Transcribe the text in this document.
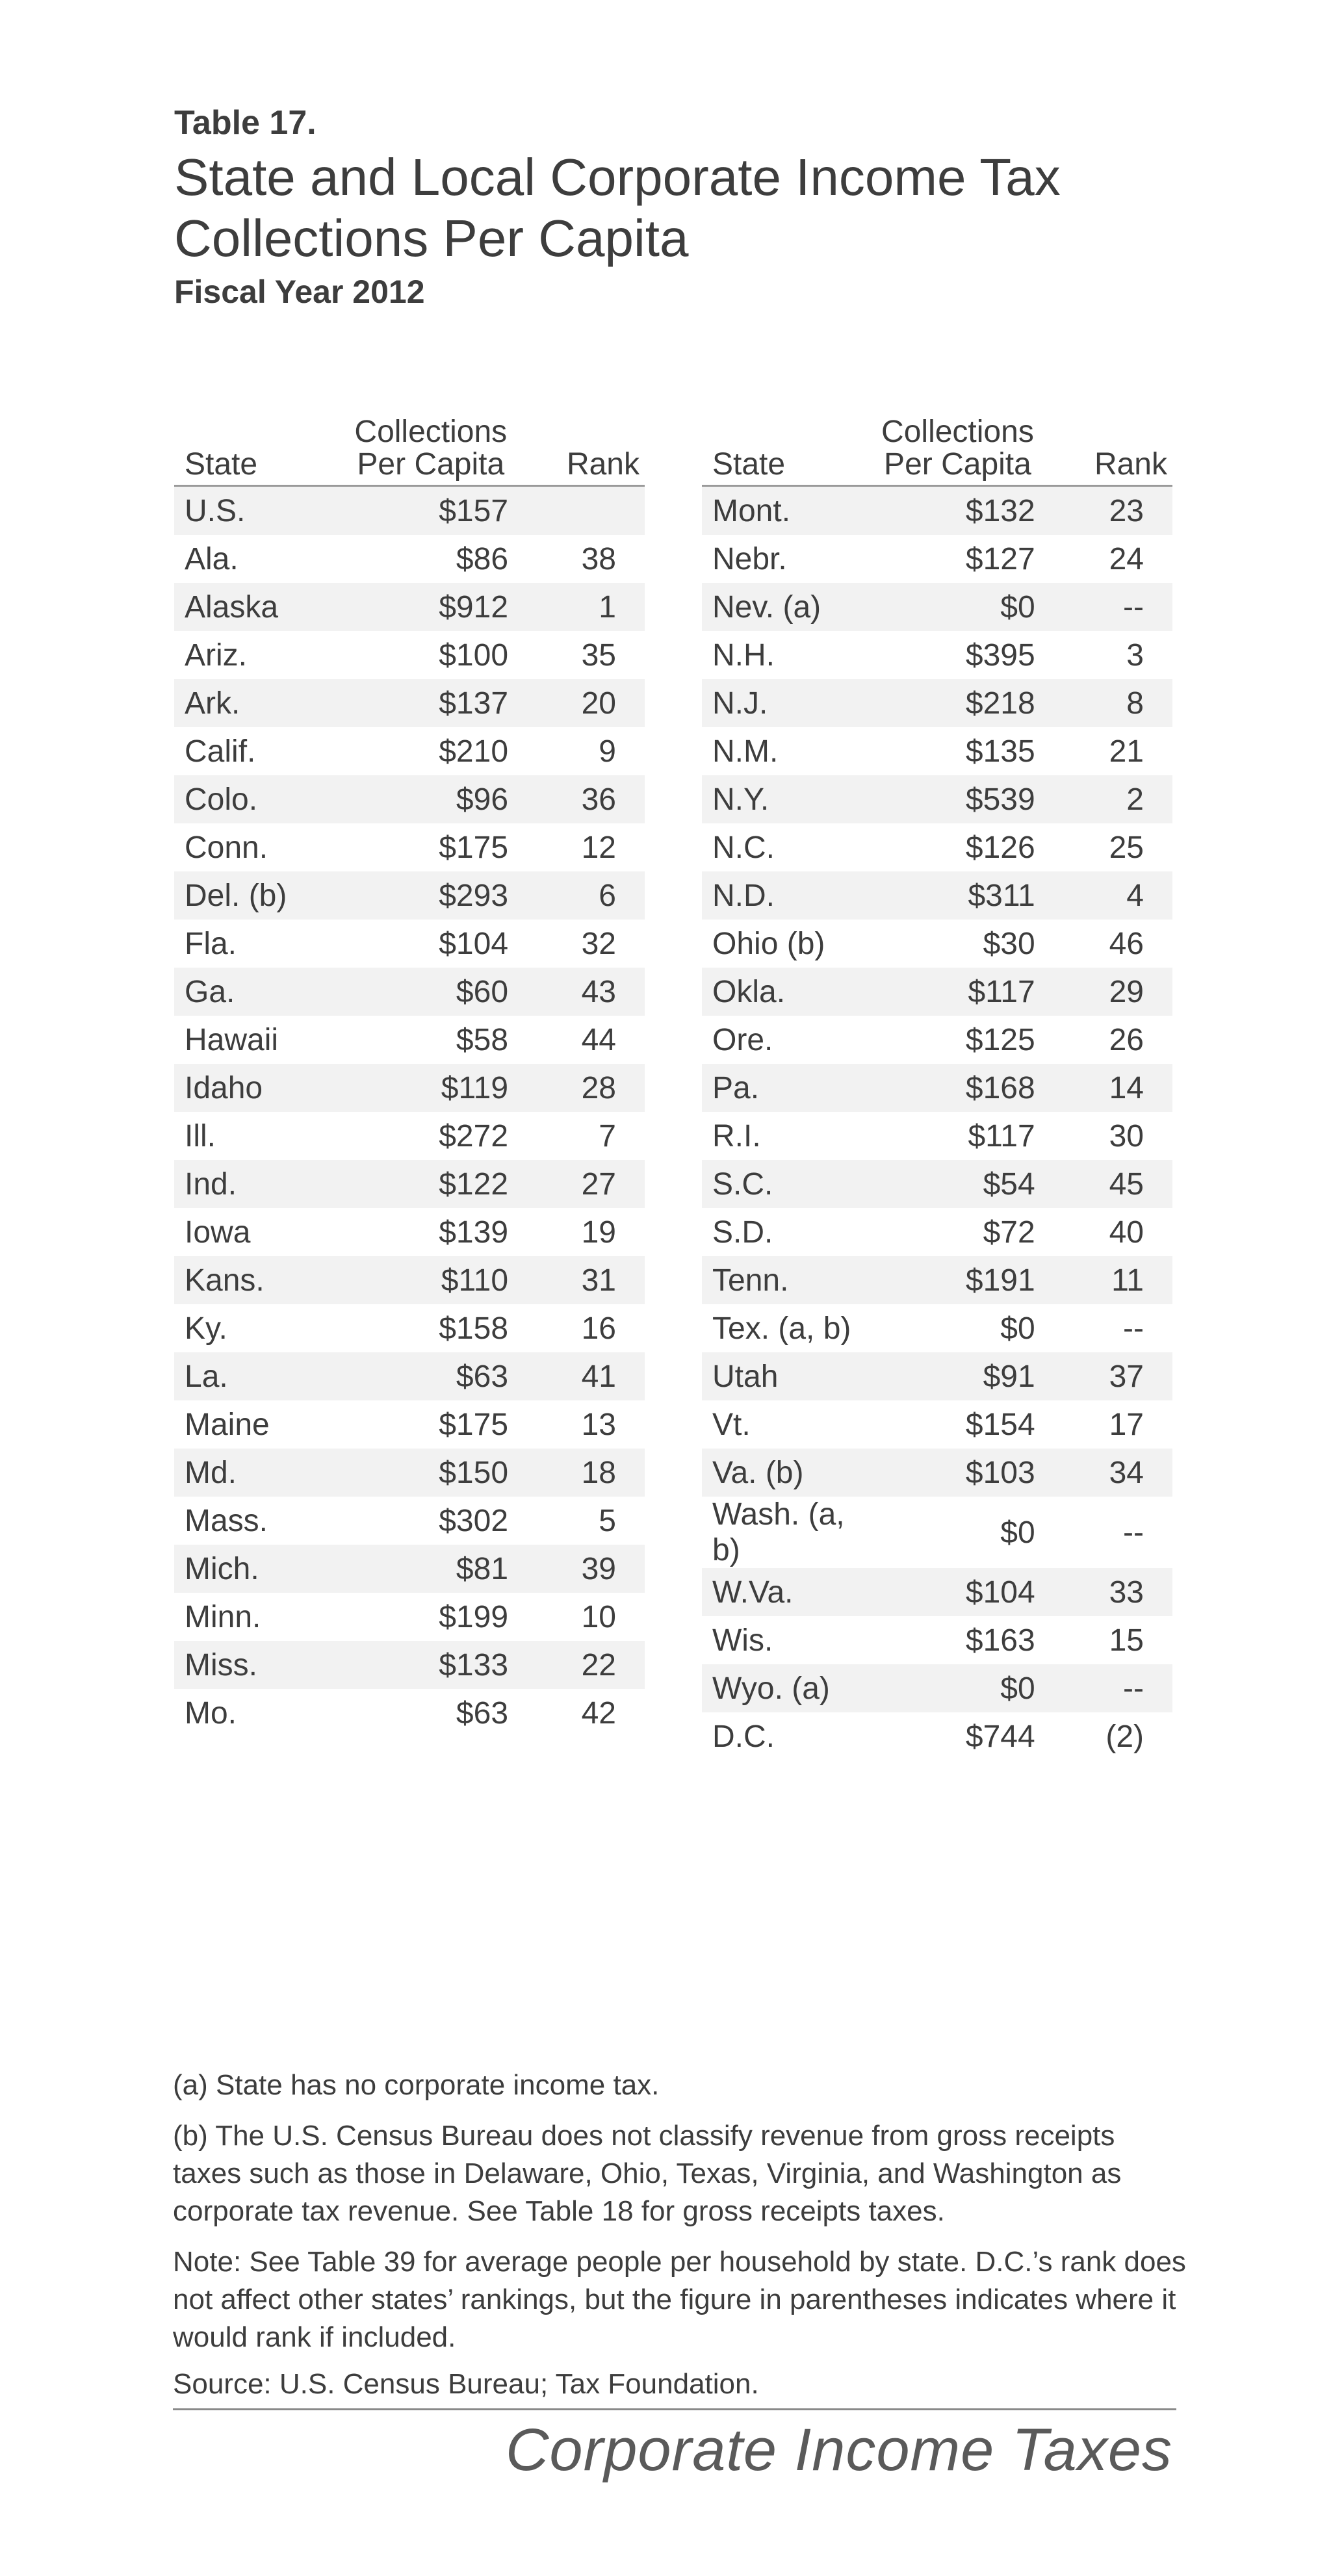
Table 17.
State and Local Corporate Income Tax Collections Per Capita
Fiscal Year 2012
State	Collections
Per Capita	Rank
U.S.	$157	
Ala.	$86	38
Alaska	$912	1
Ariz.	$100	35
Ark.	$137	20
Calif.	$210	9
Colo.	$96	36
Conn.	$175	12
Del. (b)	$293	6
Fla.	$104	32
Ga.	$60	43
Hawaii	$58	44
Idaho	$119	28
Ill.	$272	7
Ind.	$122	27
Iowa	$139	19
Kans.	$110	31
Ky.	$158	16
La.	$63	41
Maine	$175	13
Md.	$150	18
Mass.	$302	5
Mich.	$81	39
Minn.	$199	10
Miss.	$133	22
Mo.	$63	42
State	Collections
Per Capita	Rank
Mont.	$132	23
Nebr.	$127	24
Nev. (a)	$0	--
N.H.	$395	3
N.J.	$218	8
N.M.	$135	21
N.Y.	$539	2
N.C.	$126	25
N.D.	$311	4
Ohio (b)	$30	46
Okla.	$117	29
Ore.	$125	26
Pa.	$168	14
R.I.	$117	30
S.C.	$54	45
S.D.	$72	40
Tenn.	$191	11
Tex. (a, b)	$0	--
Utah	$91	37
Vt.	$154	17
Va. (b)	$103	34
Wash. (a, b)	$0	--
W.Va.	$104	33
Wis.	$163	15
Wyo. (a)	$0	--
D.C.	$744	(2)

(a) State has no corporate income tax.

(b) The U.S. Census Bureau does not classify revenue from gross receipts taxes such as those in Delaware, Ohio, Texas, Virginia, and Washington as corporate tax revenue. See Table 18 for gross receipts taxes.

Note: See Table 39 for average people per household by state. D.C.’s rank does not affect other states’ rankings, but the figure in parentheses indicates where it would rank if included.

Source: U.S. Census Bureau; Tax Foundation.
Corporate Income Taxes
